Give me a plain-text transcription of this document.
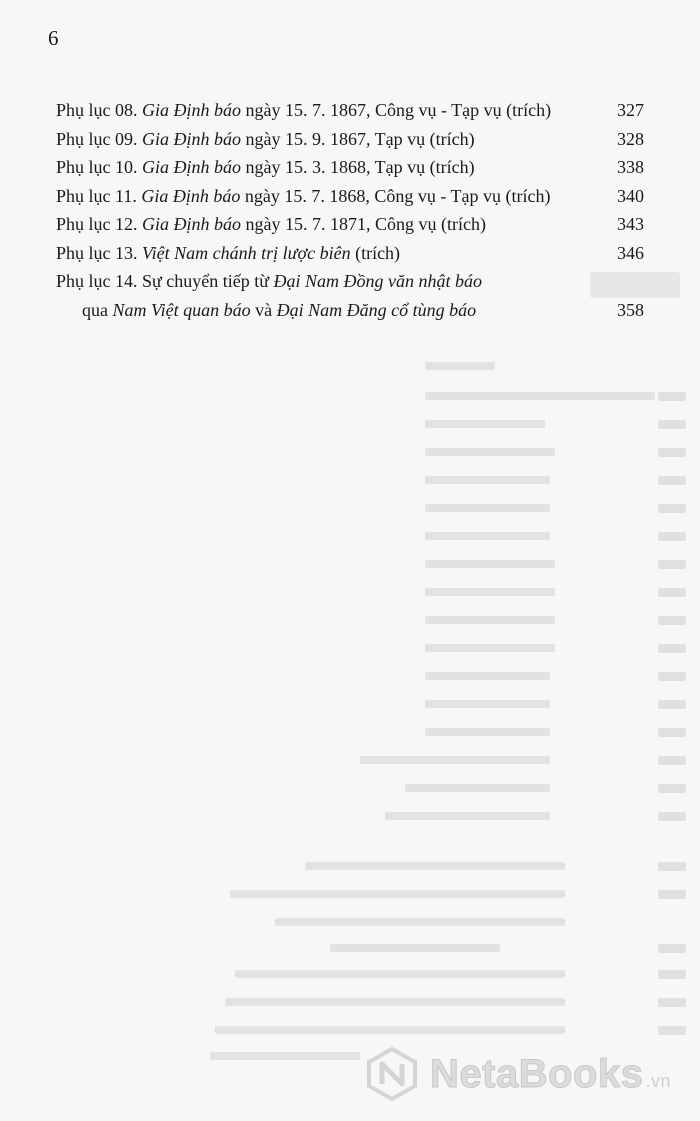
6
Phụ lục 08. Gia Định báo ngày 15. 7. 1867, Công vụ - Tạp vụ (trích)	327
Phụ lục 09. Gia Định báo ngày 15. 9. 1867, Tạp vụ (trích)	328
Phụ lục 10. Gia Định báo ngày 15. 3. 1868, Tạp vụ (trích)	338
Phụ lục 11. Gia Định báo ngày 15. 7. 1868, Công vụ - Tạp vụ (trích)	340
Phụ lục 12. Gia Định báo ngày 15. 7. 1871, Công vụ (trích)	343
Phụ lục 13. Việt Nam chánh trị lược biên (trích)	346
Phụ lục 14. Sự chuyển tiếp từ Đại Nam Đồng văn nhật báo
qua Nam Việt quan báo và Đại Nam Đăng cổ tùng báo	358
NetaBooks .vn
